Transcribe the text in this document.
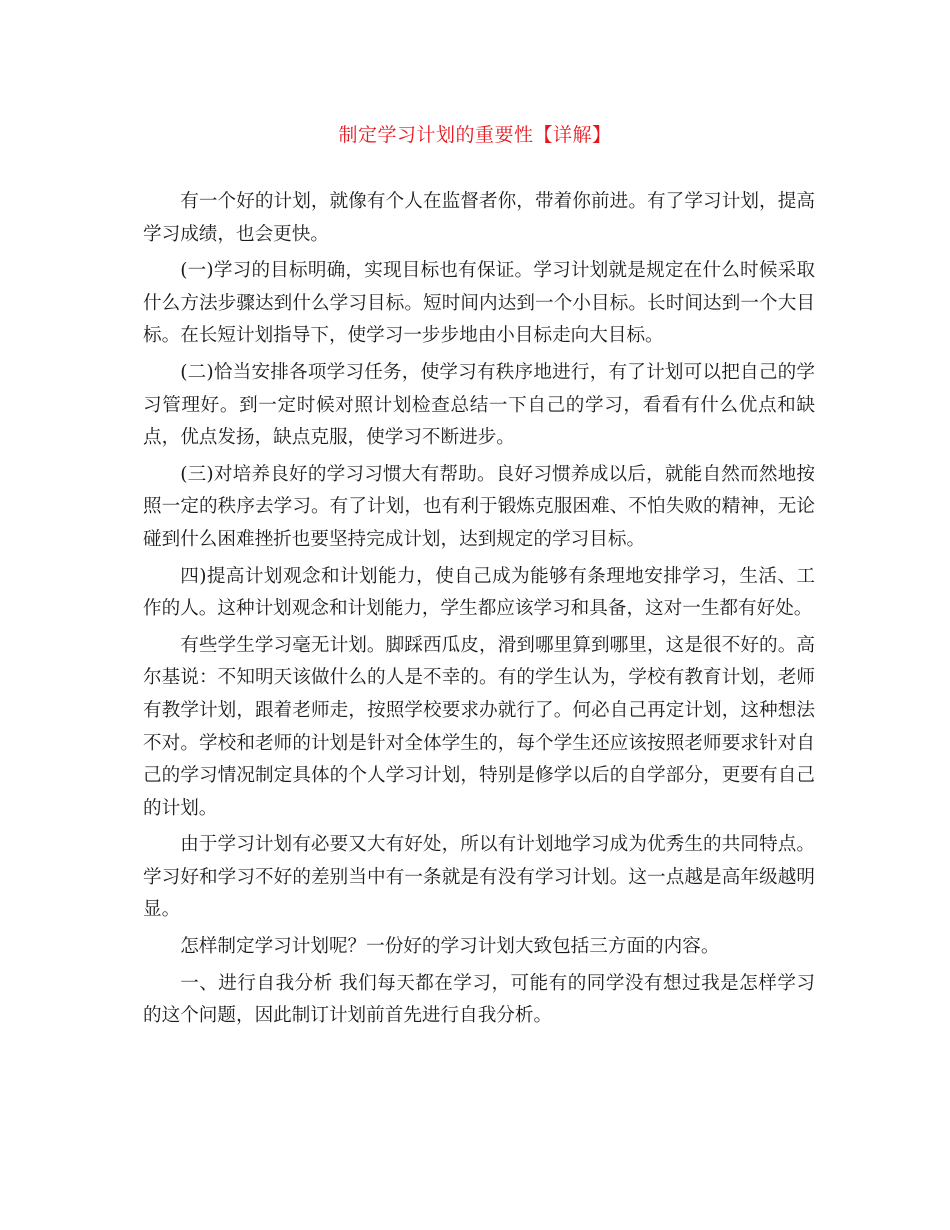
制定学习计划的重要性【详解】

有一个好的计划，就像有个人在监督者你，带着你前进。有了学习计划，提高学习成绩，也会更快。

(一)学习的目标明确，实现目标也有保证。学习计划就是规定在什么时候采取什么方法步骤达到什么学习目标。短时间内达到一个小目标。长时间达到一个大目标。在长短计划指导下，使学习一步步地由小目标走向大目标。

(二)恰当安排各项学习任务，使学习有秩序地进行，有了计划可以把自己的学习管理好。到一定时候对照计划检查总结一下自己的学习，看看有什么优点和缺点，优点发扬，缺点克服，使学习不断进步。

(三)对培养良好的学习习惯大有帮助。良好习惯养成以后，就能自然而然地按照一定的秩序去学习。有了计划，也有利于锻炼克服困难、不怕失败的精神，无论碰到什么困难挫折也要坚持完成计划，达到规定的学习目标。

四)提高计划观念和计划能力，使自己成为能够有条理地安排学习，生活、工作的人。这种计划观念和计划能力，学生都应该学习和具备，这对一生都有好处。

有些学生学习毫无计划。脚踩西瓜皮，滑到哪里算到哪里，这是很不好的。高尔基说：不知明天该做什么的人是不幸的。有的学生认为，学校有教育计划，老师有教学计划，跟着老师走，按照学校要求办就行了。何必自己再定计划，这种想法不对。学校和老师的计划是针对全体学生的，每个学生还应该按照老师要求针对自己的学习情况制定具体的个人学习计划，特别是修学以后的自学部分，更要有自己的计划。

由于学习计划有必要又大有好处，所以有计划地学习成为优秀生的共同特点。学习好和学习不好的差别当中有一条就是有没有学习计划。这一点越是高年级越明显。

怎样制定学习计划呢？一份好的学习计划大致包括三方面的内容。

一、进行自我分析 我们每天都在学习，可能有的同学没有想过我是怎样学习的这个问题，因此制订计划前首先进行自我分析。
